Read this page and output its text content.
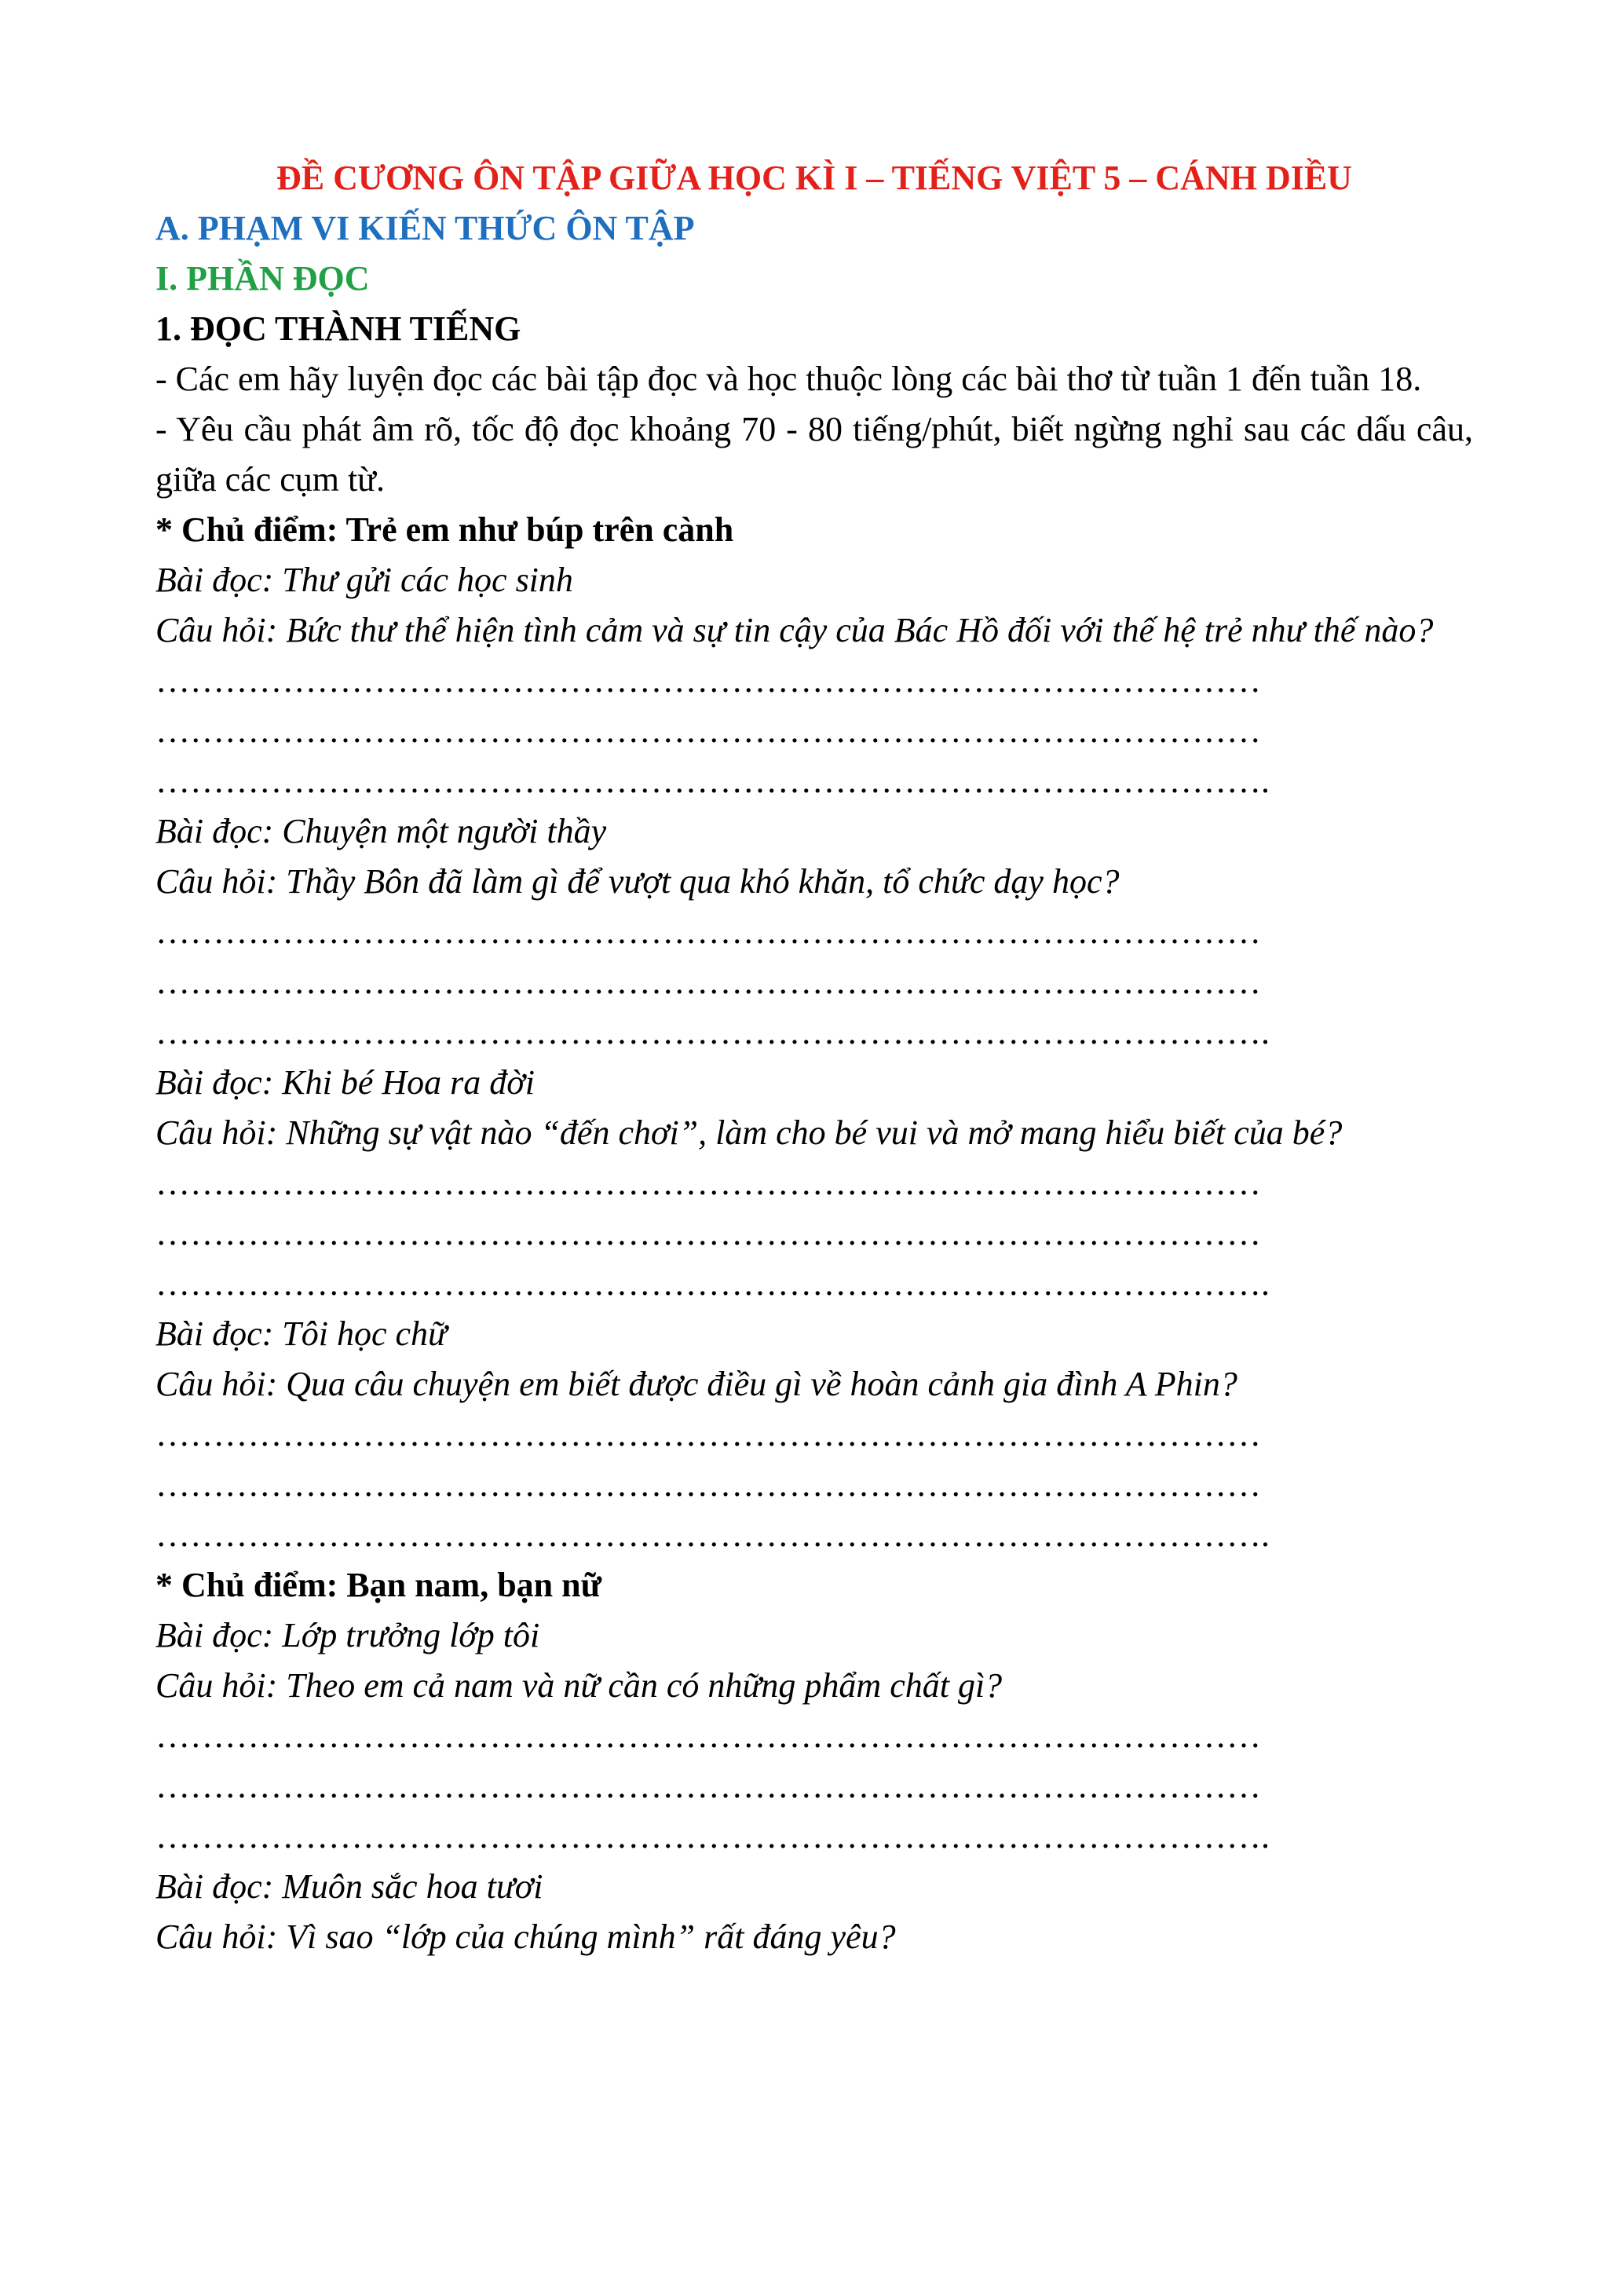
ĐỀ CƯƠNG ÔN TẬP GIỮA HỌC KÌ I – TIẾNG VIỆT 5 – CÁNH DIỀU

A. PHẠM VI KIẾN THỨC ÔN TẬP

I. PHẦN ĐỌC

1. ĐỌC THÀNH TIẾNG

- Các em hãy luyện đọc các bài tập đọc và học thuộc lòng các bài thơ từ tuần 1 đến tuần 18.

- Yêu cầu phát âm rõ, tốc độ đọc khoảng 70 - 80 tiếng/phút, biết ngừng nghỉ sau các dấu câu, giữa các cụm từ.

* Chủ điểm: Trẻ em như búp trên cành

Bài đọc: Thư gửi các học sinh

Câu hỏi: Bức thư thể hiện tình cảm và sự tin cậy của Bác Hồ đối với thế hệ trẻ như thế nào?

……………………………………………………………………………………

……………………………………………………………………………………

…………………………………………………………………………………….

Bài đọc: Chuyện một người thầy

Câu hỏi: Thầy Bôn đã làm gì để vượt qua khó khăn, tổ chức dạy học?

……………………………………………………………………………………

……………………………………………………………………………………

…………………………………………………………………………………….

Bài đọc: Khi bé Hoa ra đời

Câu hỏi: Những sự vật nào “đến chơi”, làm cho bé vui và mở mang hiểu biết của bé?

……………………………………………………………………………………

……………………………………………………………………………………

…………………………………………………………………………………….

Bài đọc: Tôi học chữ

Câu hỏi: Qua câu chuyện em biết được điều gì về hoàn cảnh gia đình A Phin?

……………………………………………………………………………………

……………………………………………………………………………………

…………………………………………………………………………………….

* Chủ điểm: Bạn nam, bạn nữ

Bài đọc: Lớp trưởng lớp tôi

Câu hỏi: Theo em cả nam và nữ cần có những phẩm chất gì?

……………………………………………………………………………………

……………………………………………………………………………………

…………………………………………………………………………………….

Bài đọc: Muôn sắc hoa tươi

Câu hỏi: Vì sao “lớp của chúng mình” rất đáng yêu?
